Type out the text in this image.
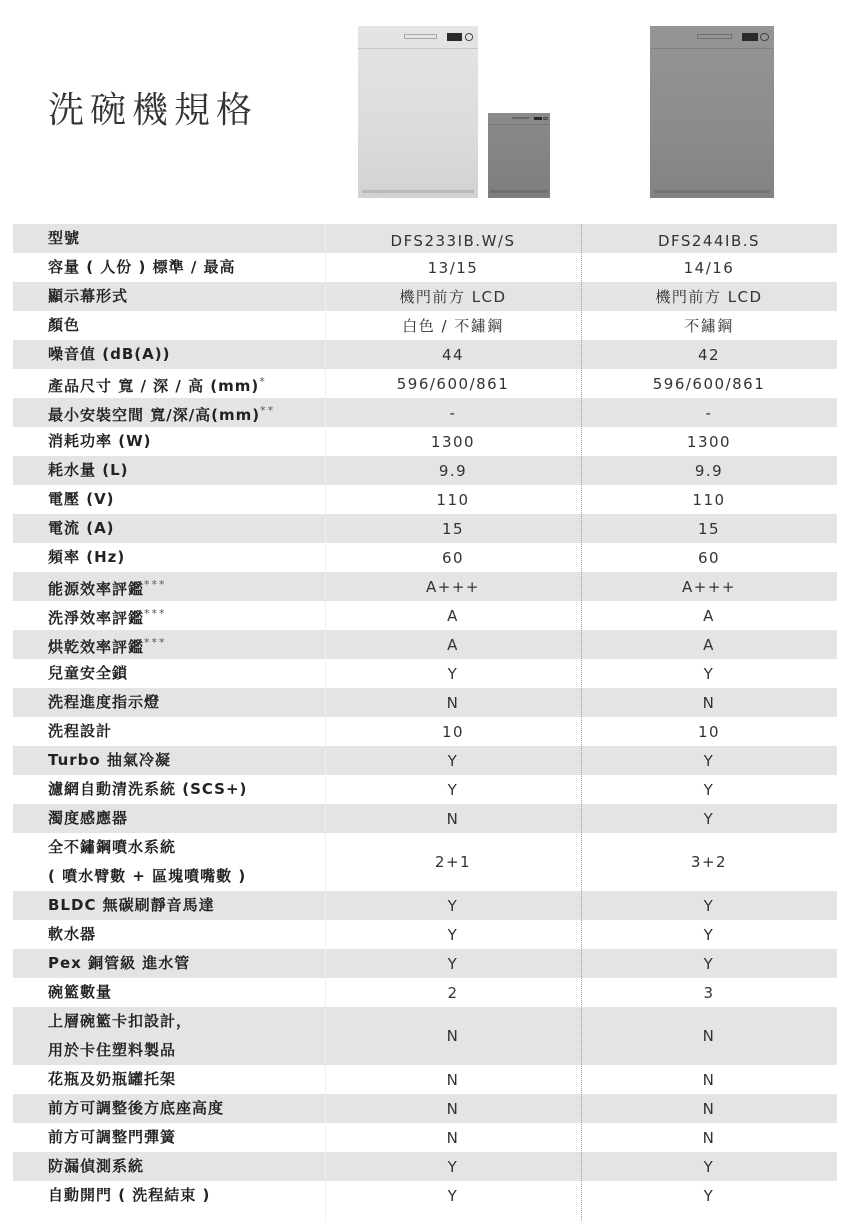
洗碗機規格
型號	DFS233IB.W/S	DFS244IB.S
容量 ( 人份 ) 標準 / 最高	13/15	14/16
顯示幕形式	機門前方 LCD	機門前方 LCD
顏色	白色 / 不鏽鋼	不鏽鋼
噪音值 (dB(A))	44	42
產品尺寸 寬 / 深 / 高 (mm)*	596/600/861	596/600/861
最小安裝空間 寬/深/高(mm)**	-	-
消耗功率 (W)	1300	1300
耗水量 (L)	9.9	9.9
電壓 (V)	110	110
電流 (A)	15	15
頻率 (Hz)	60	60
能源效率評鑑***	A+++	A+++
洗淨效率評鑑***	A	A
烘乾效率評鑑***	A	A
兒童安全鎖	Y	Y
洗程進度指示燈	N	N
洗程設計	10	10
Turbo 抽氣冷凝	Y	Y
濾網自動清洗系統 (SCS+)	Y	Y
濁度感應器	N	Y
全不鏽鋼噴水系統
( 噴水臂數 + 區塊噴嘴數 )
2+1	3+2
BLDC 無碳刷靜音馬達	Y	Y
軟水器	Y	Y
Pex 銅管級 進水管	Y	Y
碗籃數量	2	3
上層碗籃卡扣設計，
用於卡住塑料製品
N	N
花瓶及奶瓶罐托架	N	N
前方可調整後方底座高度	N	N
前方可調整門彈簧	N	N
防漏偵測系統	Y	Y
自動開門 ( 洗程結束 )	Y	Y
